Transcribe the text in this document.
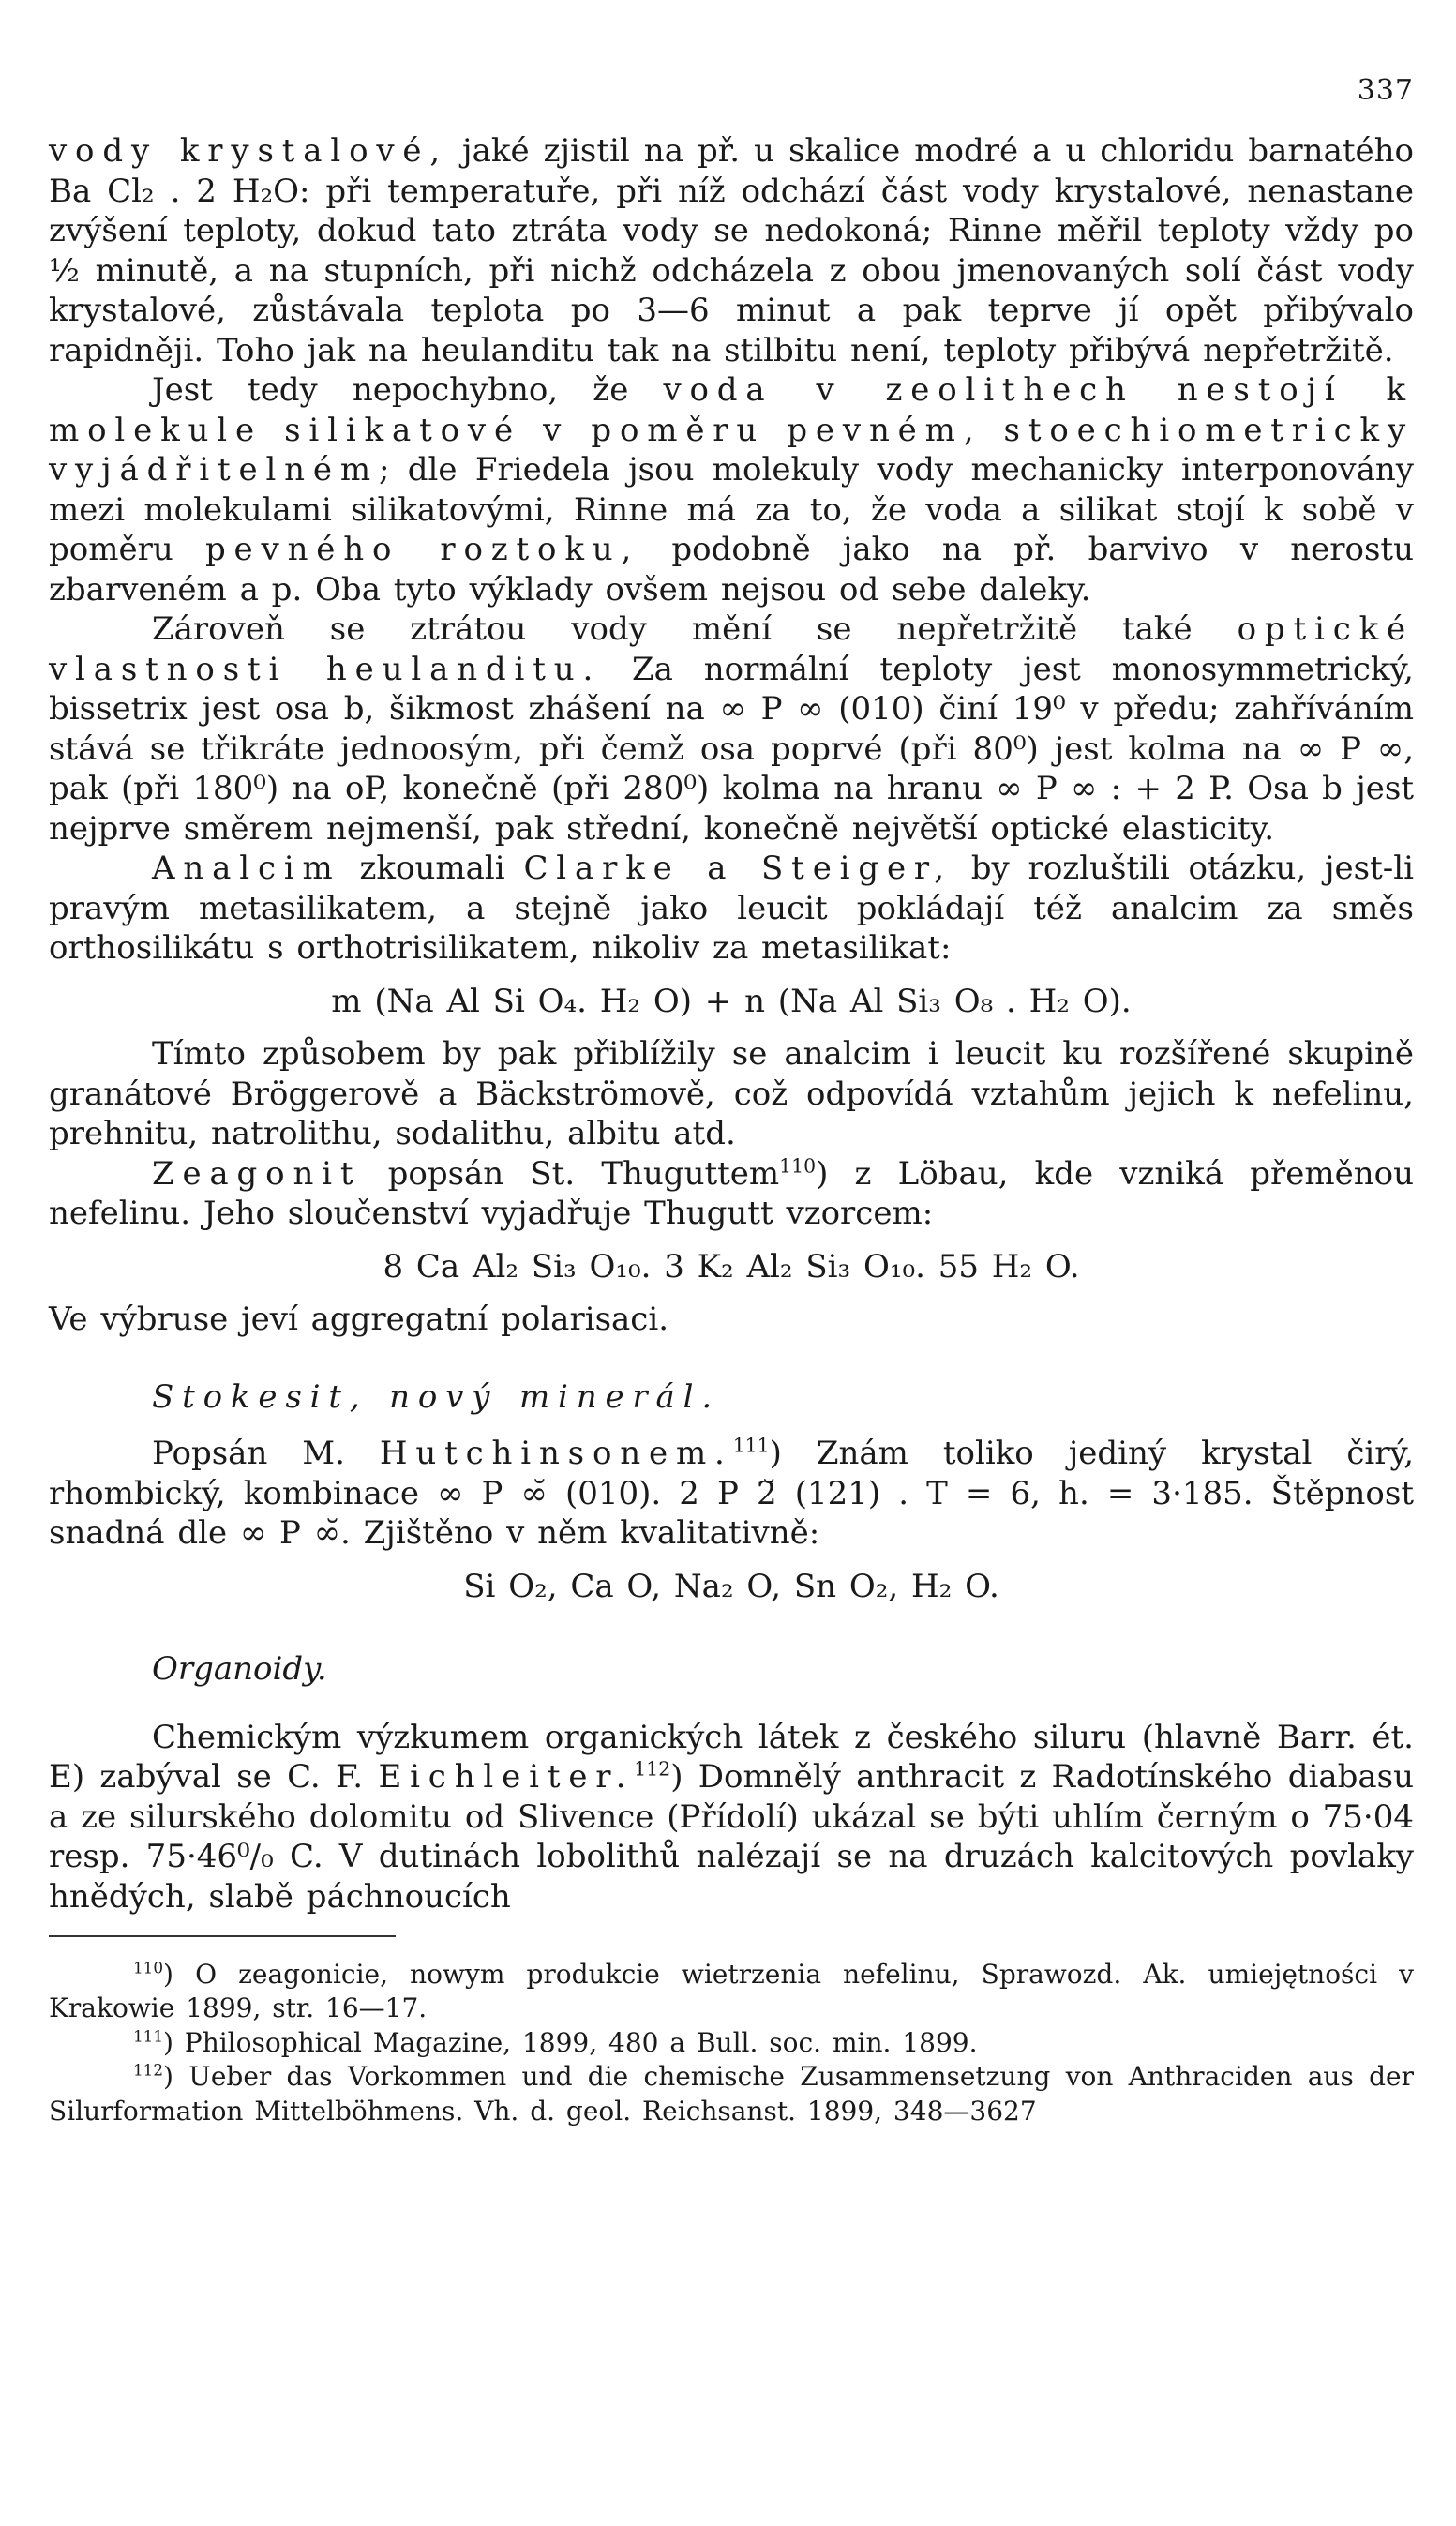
337

vody krystalové, jaké zjistil na př. u skalice modré a u chloridu barnatého Ba Cl₂ . 2 H₂O: při temperatuře, při níž odchází část vody krystalové, nenastane zvýšení teploty, dokud tato ztráta vody se nedokoná; Rinne měřil teploty vždy po ½ minutě, a na stupních, při nichž odcházela z obou jmenovaných solí část vody krystalové, zůstávala teplota po 3—6 minut a pak teprve jí opět přibývalo rapidněji. Toho jak na heulanditu tak na stilbitu není, teploty přibývá nepřetržitě.

Jest tedy nepochybno, že voda v zeolithech nestojí k molekule silikatové v poměru pevném, stoechiometricky vyjádřitelném; dle Friedela jsou molekuly vody mechanicky interponovány mezi molekulami silikatovými, Rinne má za to, že voda a silikat stojí k sobě v poměru pevného roztoku, podobně jako na př. barvivo v nerostu zbarveném a p. Oba tyto výklady ovšem nejsou od sebe daleky.

Zároveň se ztrátou vody mění se nepřetržitě také optické vlastnosti heulanditu. Za normální teploty jest monosymmetrický, bissetrix jest osa b, šikmost zhášení na ∞ P ∞ (010) činí 19⁰ v předu; zahříváním stává se třikráte jednoosým, při čemž osa poprvé (při 80⁰) jest kolma na ∞ P ∞, pak (při 180⁰) na oP, konečně (při 280⁰) kolma na hranu ∞ P ∞ : + 2 P. Osa b jest nejprve směrem nejmenší, pak střední, konečně největší optické elasticity.

Analcim zkoumali Clarke a Steiger, by rozluštili otázku, jest-li pravým metasilikatem, a stejně jako leucit pokládají též analcim za směs orthosilikátu s orthotrisilikatem, nikoliv za metasilikat:

m (Na Al Si O₄. H₂ O) + n (Na Al Si₃ O₈ . H₂ O).

Tímto způsobem by pak přiblížily se analcim i leucit ku rozšířené skupině granátové Bröggerově a Bäckströmově, což odpovídá vztahům jejich k nefelinu, prehnitu, natrolithu, sodalithu, albitu atd.

Zeagonit popsán St. Thuguttem$^{110}$) z Löbau, kde vzniká přeměnou nefelinu. Jeho sloučenství vyjadřuje Thugutt vzorcem:

8 Ca Al₂ Si₃ O₁₀. 3 K₂ Al₂ Si₃ O₁₀. 55 H₂ O.

Ve výbruse jeví aggregatní polarisaci.

Stokesit, nový minerál.

Popsán M. Hutchinsonem.$^{111}$) Znám toliko jediný krystal čirý, rhombický, kombinace ∞ P ∞̆ (010). 2 P 2̆ (121) . T = 6, h. = 3·185. Štěpnost snadná dle ∞ P ∞̆. Zjištěno v něm kvalitativně:

Si O₂, Ca O, Na₂ O, Sn O₂, H₂ O.

Organoidy.

Chemickým výzkumem organických látek z českého siluru (hlavně Barr. ét. E) zabýval se C. F. Eichleiter.$^{112}$) Domnělý anthracit z Radotínského diabasu a ze silurského dolomitu od Slivence (Přídolí) ukázal se býti uhlím černým o 75·04 resp. 75·46⁰/₀ C. V dutinách lobolithů nalézají se na druzách kalcitových povlaky hnědých, slabě páchnoucích

$^{110}$) O zeagonicie, nowym produkcie wietrzenia nefelinu, Sprawozd. Ak. umiejętności v Krakowie 1899, str. 16—17.

$^{111}$) Philosophical Magazine, 1899, 480 a Bull. soc. min. 1899.

$^{112}$) Ueber das Vorkommen und die chemische Zusammensetzung von Anthraciden aus der Silurformation Mittelböhmens. Vh. d. geol. Reichsanst. 1899, 348—3627
